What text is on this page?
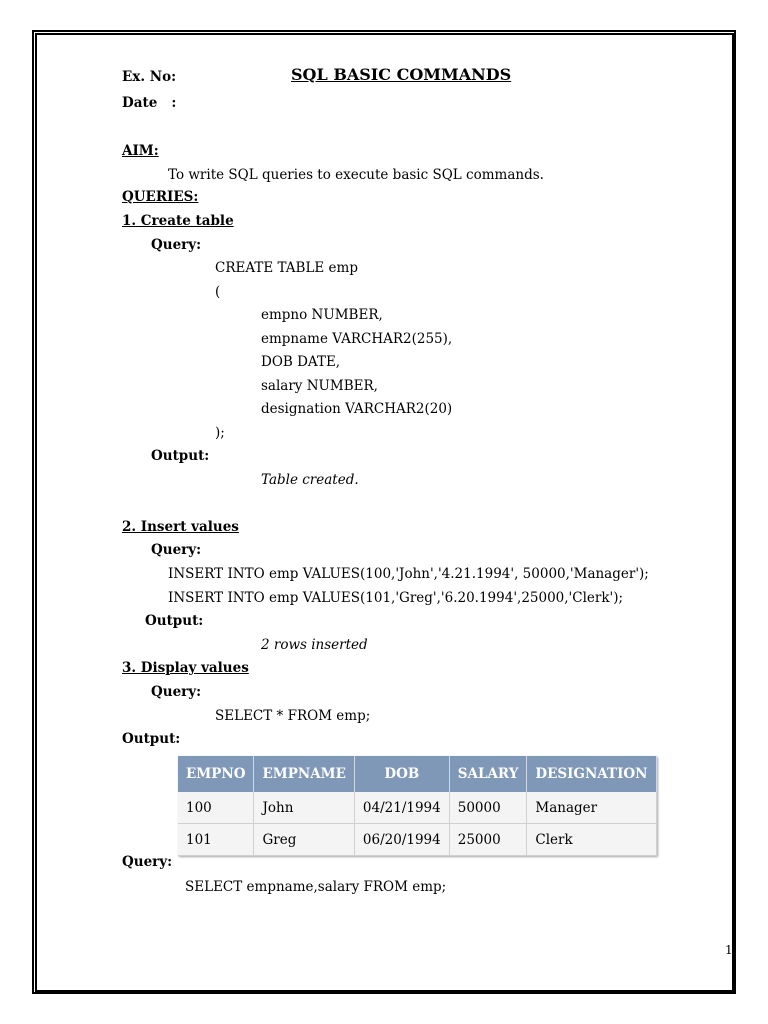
Ex. No:	SQL BASIC COMMANDS
Date   :
AIM:
To write SQL queries to execute basic SQL commands.
QUERIES:
1. Create table
Query:
CREATE TABLE emp
(
empno NUMBER,
empname VARCHAR2(255),
DOB DATE,
salary NUMBER,
designation VARCHAR2(20)
);
Output:
Table created.
2. Insert values
Query:
INSERT INTO emp VALUES(100,'John','4.21.1994', 50000,'Manager');
INSERT INTO emp VALUES(101,'Greg','6.20.1994',25000,'Clerk');
Output:
2 rows inserted
3. Display values
Query:
SELECT * FROM emp;
Output:
EMPNO	EMPNAME	DOB	SALARY	DESIGNATION
100	John	04/21/1994	50000	Manager
101	Greg	06/20/1994	25000	Clerk
Query:
SELECT empname,salary FROM emp;
1
